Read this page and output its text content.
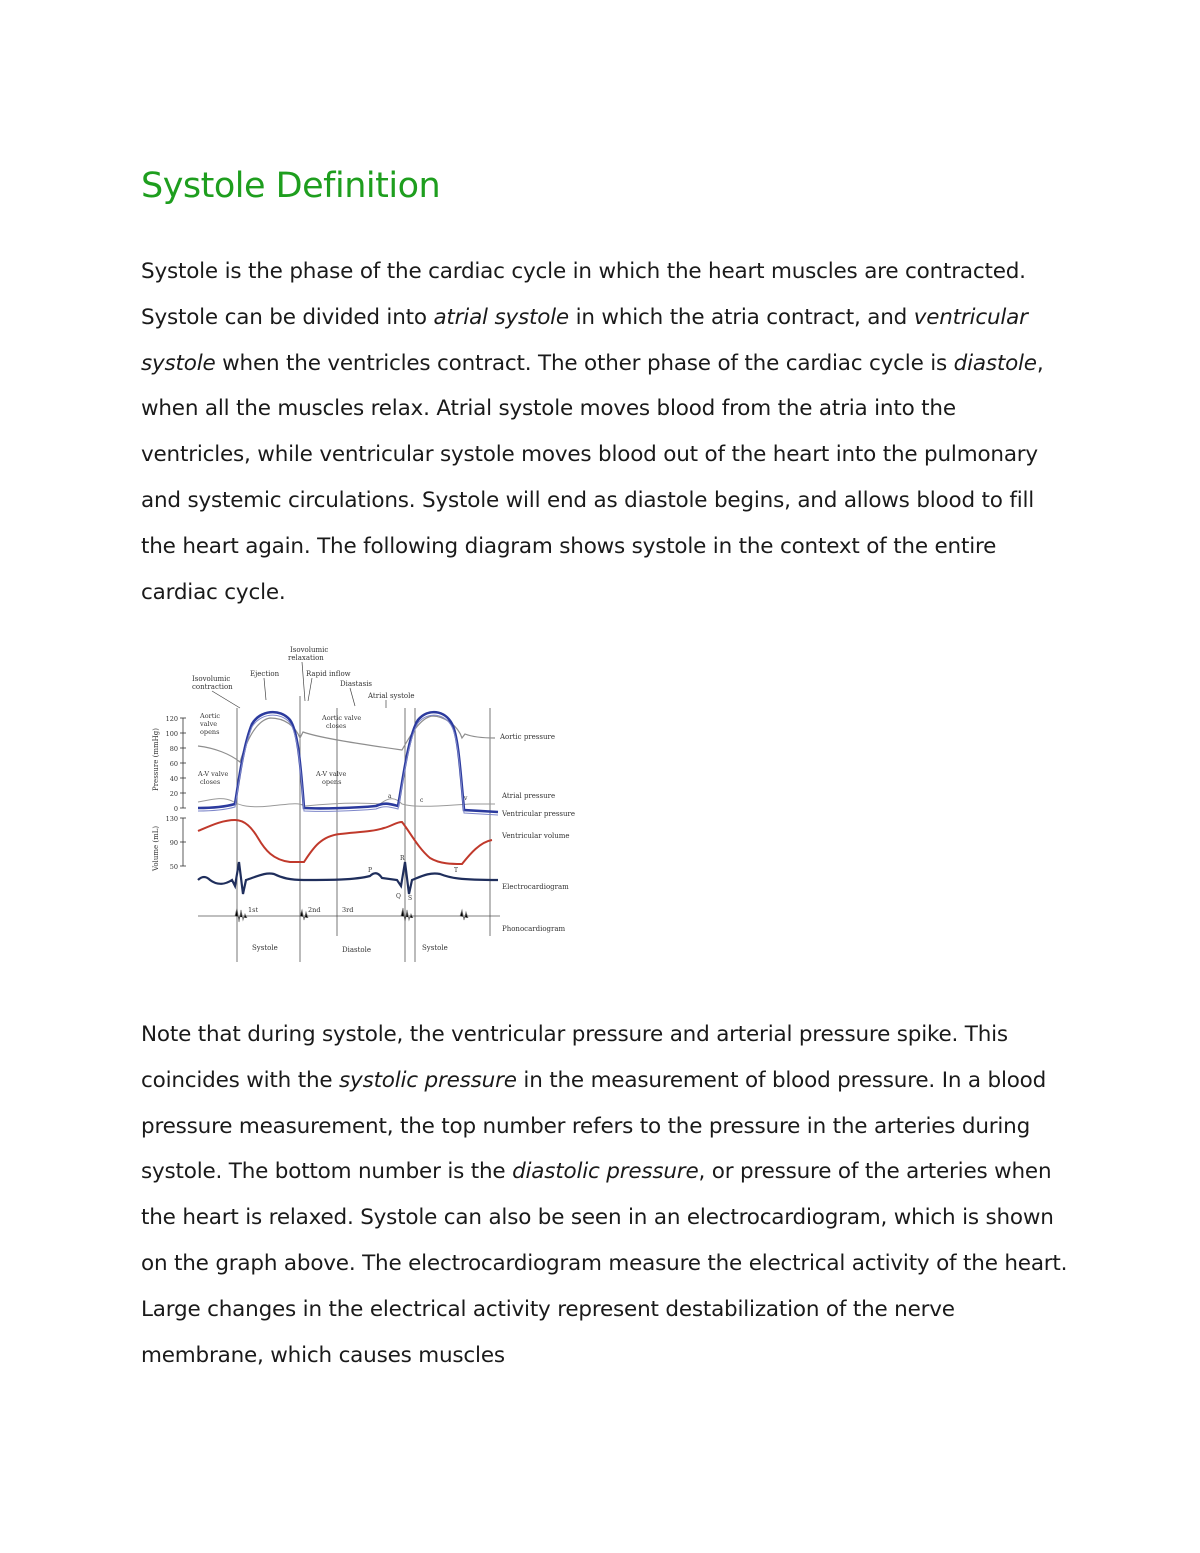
Systole Definition

Systole is the phase of the cardiac cycle in which the heart muscles are contracted. Systole can be divided into atrial systole in which the atria contract, and ventricular systole when the ventricles contract. The other phase of the cardiac cycle is diastole, when all the muscles relax. Atrial systole moves blood from the atria into the ventricles, while ventricular systole moves blood out of the heart into the pulmonary and systemic circulations. Systole will end as diastole begins, and allows blood to fill the heart again. The following diagram shows systole in the context of the entire cardiac cycle.

Isovolumic
relaxation
Isovolumic
contraction
Ejection	Rapid inflow
Diastasis
Atrial systole
120
100
80
60
40
20
0
130
90
50
Pressure (mmHg)
Volume (mL)
Aortic
valve
opens
Aortic valve
closes
A-V valve
closes
A-V valve
opens
Aortic pressure
Atrial pressure
Ventricular pressure
Ventricular volume
Electrocardiogram
Phonocardiogram
a
c	v
P
R
Q S
T
1st	2nd	3rd
Systole	Diastole	Systole

Note that during systole, the ventricular pressure and arterial pressure spike. This coincides with the systolic pressure in the measurement of blood pressure. In a blood pressure measurement, the top number refers to the pressure in the arteries during systole. The bottom number is the diastolic pressure, or pressure of the arteries when the heart is relaxed. Systole can also be seen in an electrocardiogram, which is shown on the graph above. The electrocardiogram measure the electrical activity of the heart. Large changes in the electrical activity represent destabilization of the nerve membrane, which causes muscles
